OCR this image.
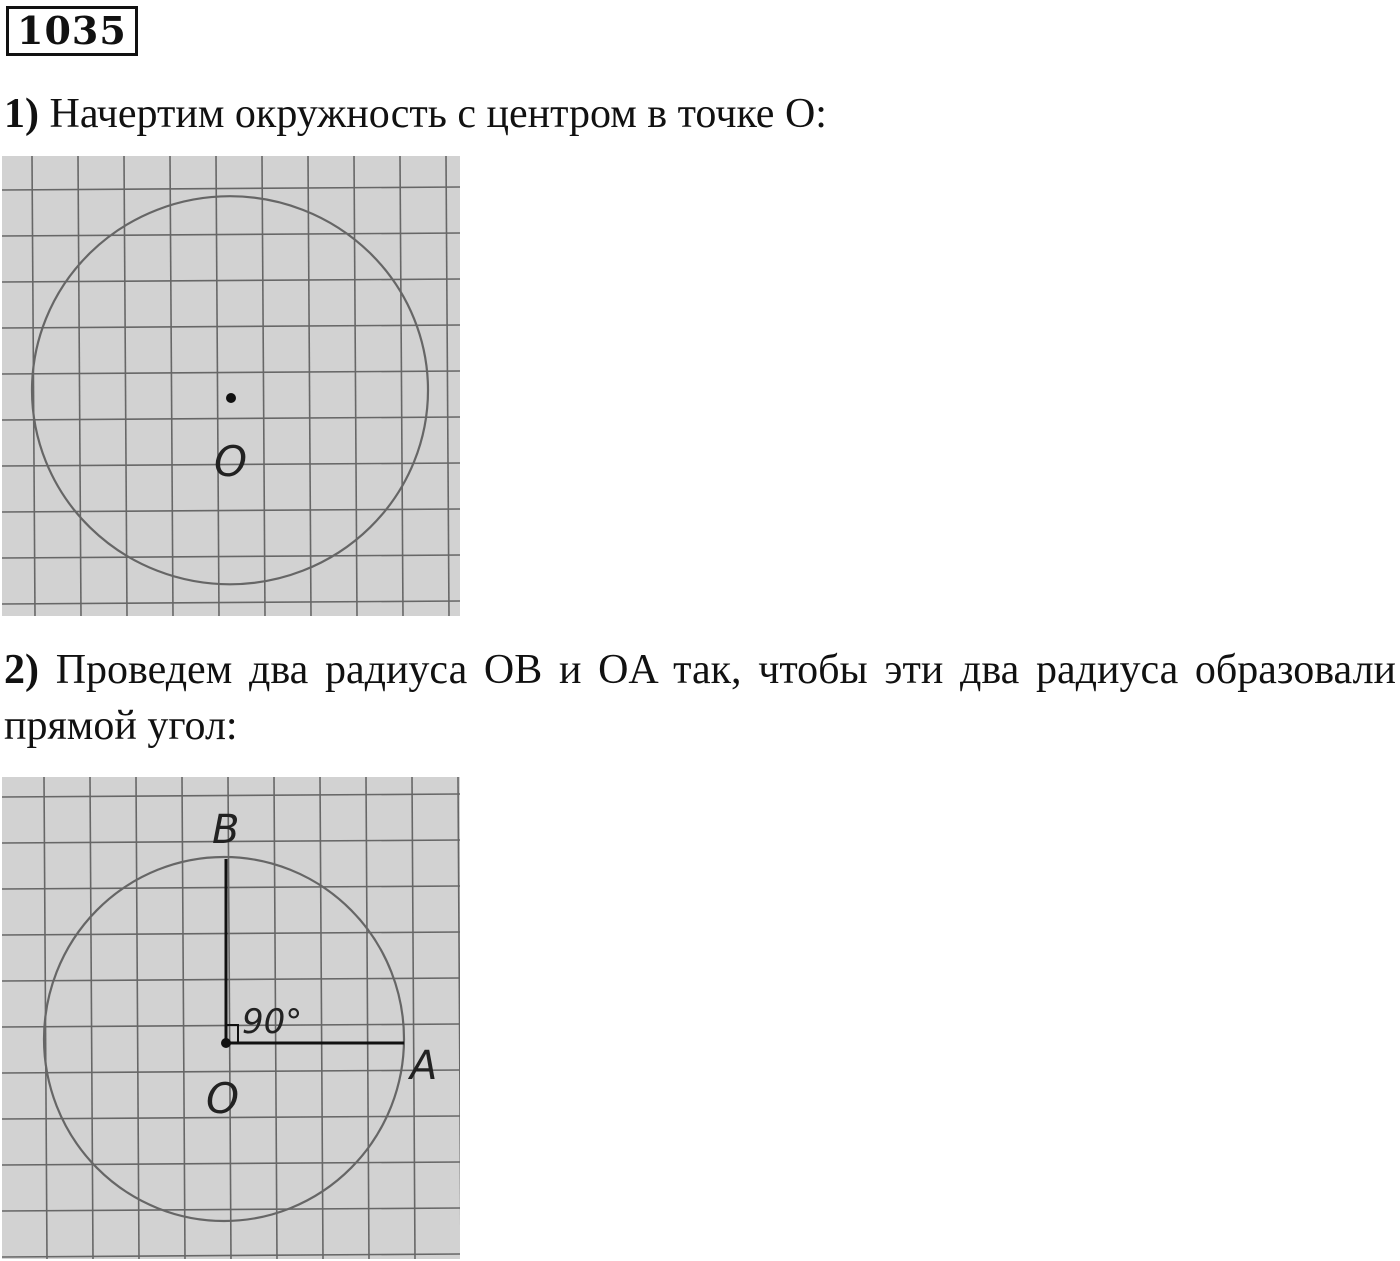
1035
1) Начертим окружность с центром в точке О:
O
2) Проведем два радиуса OB и OA так, чтобы эти два радиуса образовали прямой угол:
B
A
90°
O
